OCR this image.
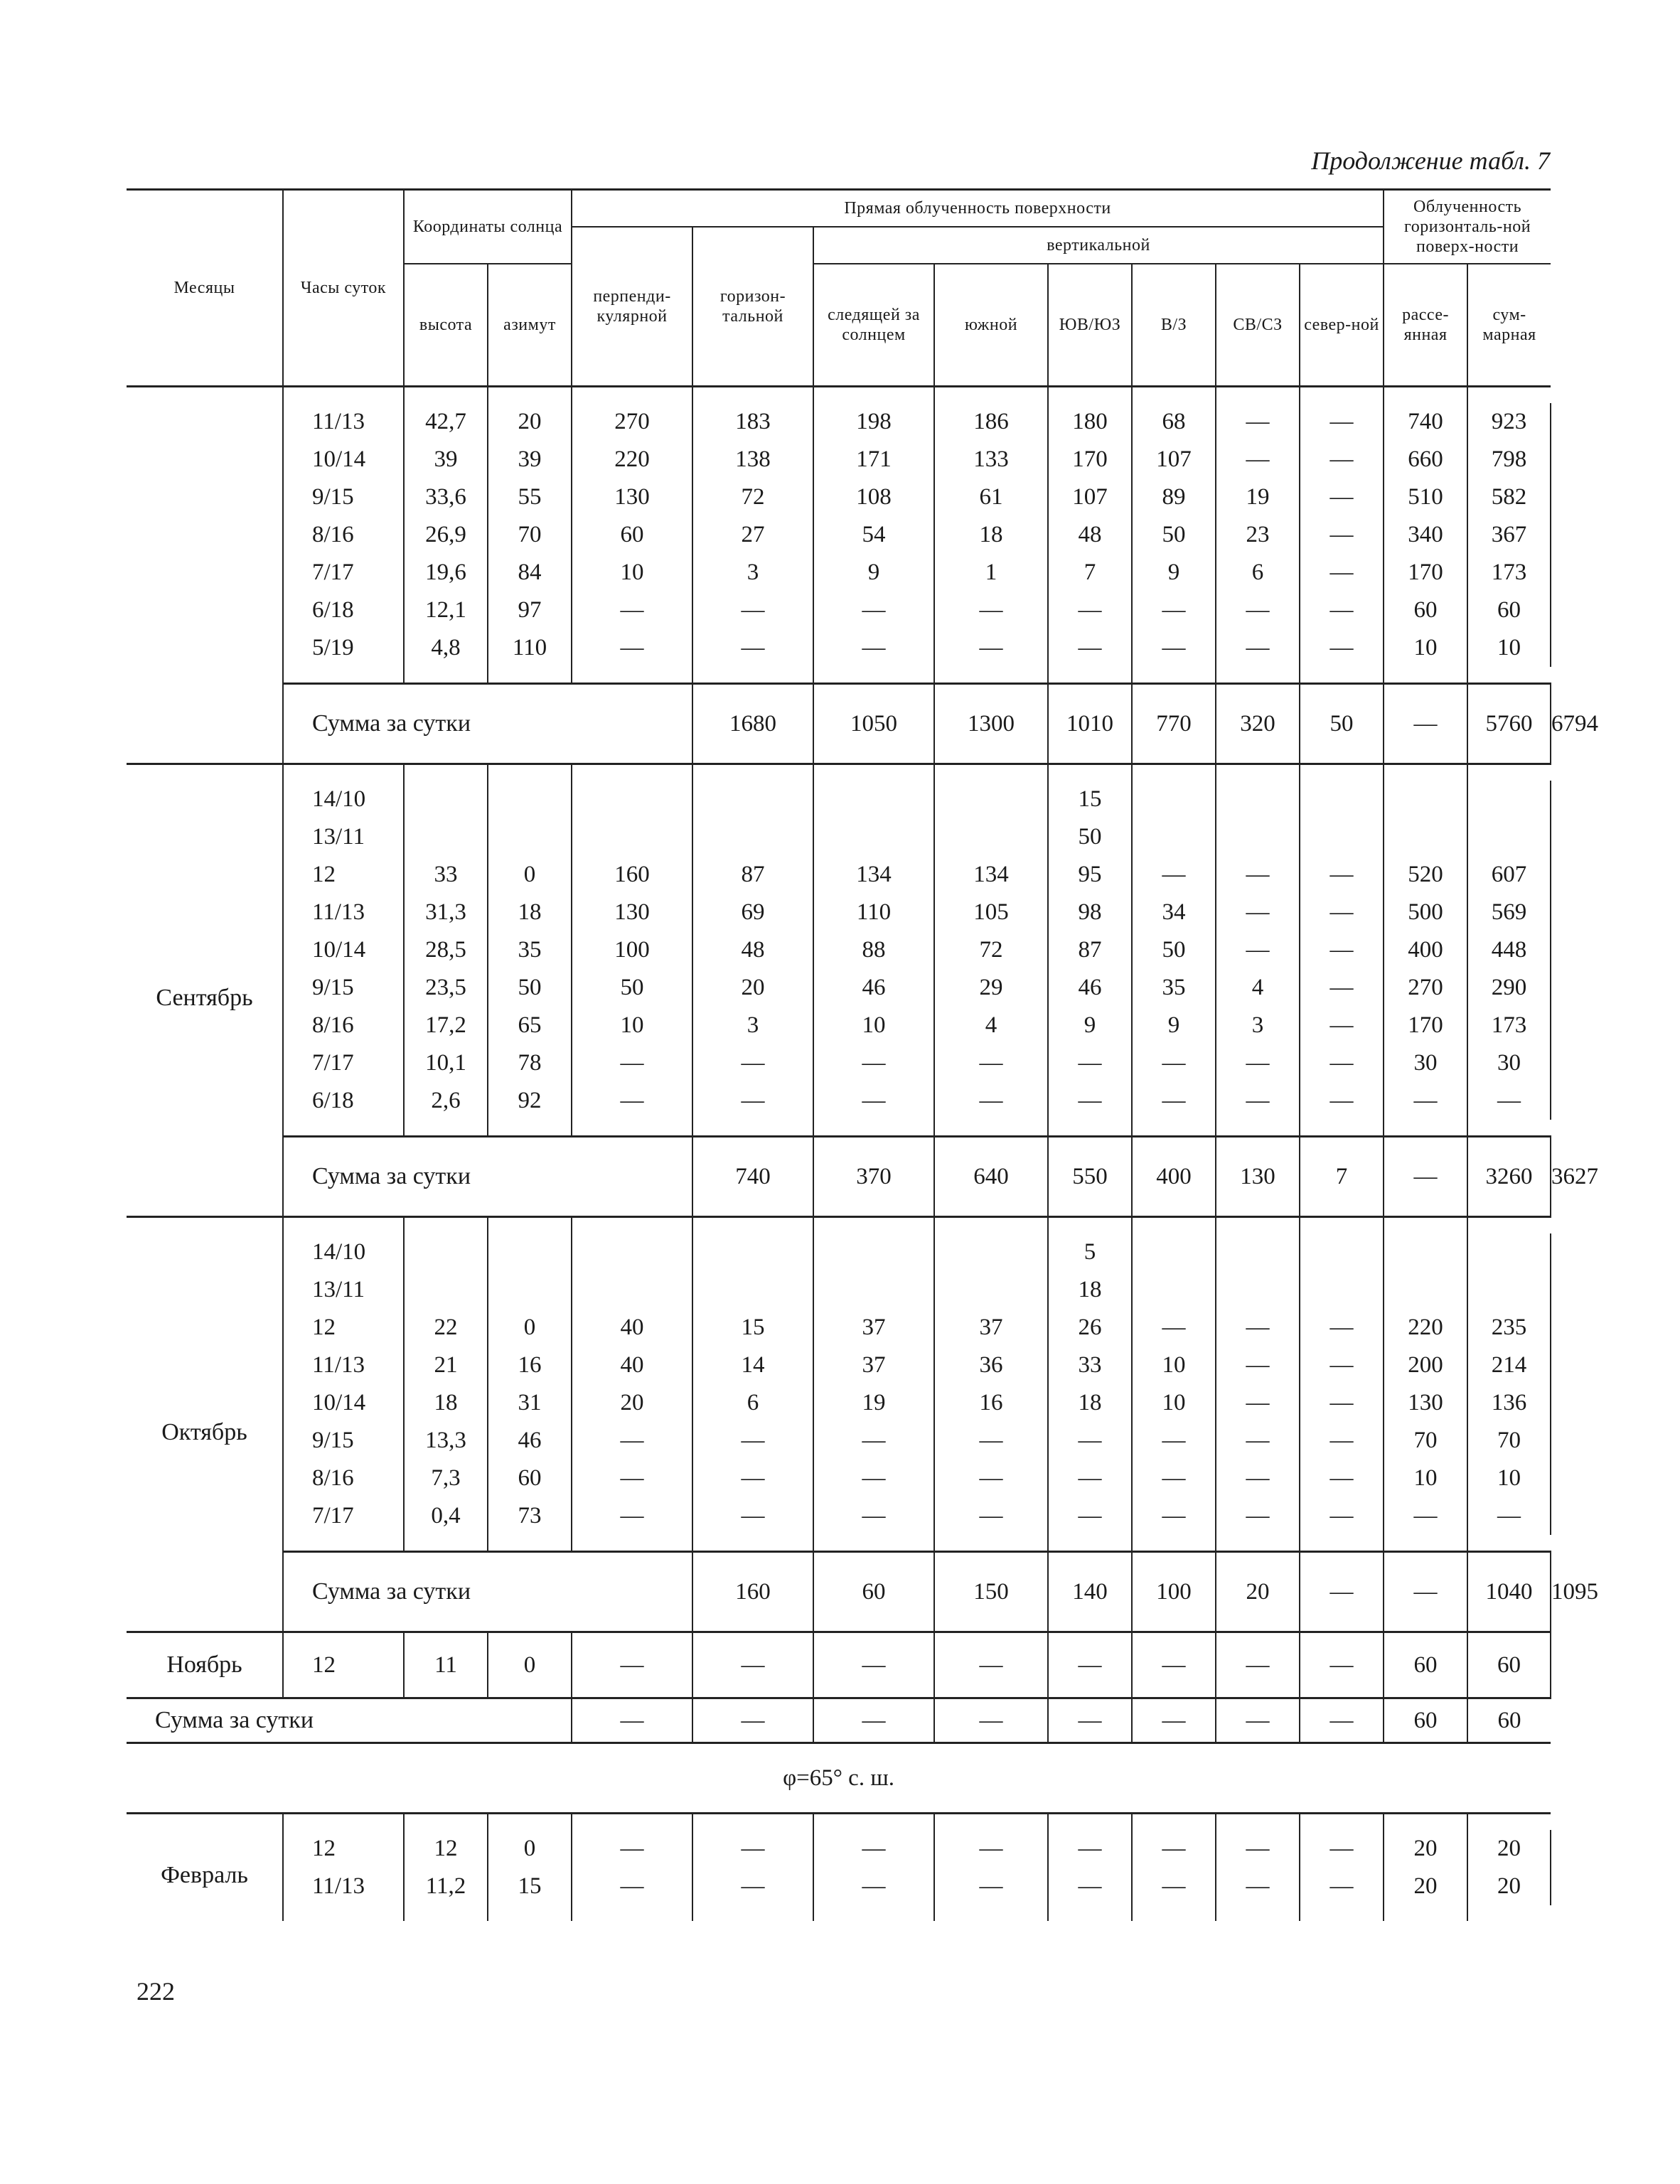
Продолжение табл. 7
Месяцы	Часы суток	Координаты солнца		Прямая облученность поверхности								Облученность горизонталь-ной поверх-ности		
				перпенди-кулярной	горизон-тальной	вертикальной								
		высота	азимут			следящей за солнцем	южной	ЮВ/ЮЗ	В/З	СВ/СЗ	север-ной			
												рассе-янная	сум-марная	

	11/13	42,7	20	270	183	198	186	180	68	—	—	740	923	
	10/14	39	39	220	138	171	133	170	107	—	—	660	798	
	9/15	33,6	55	130	72	108	61	107	89	19	—	510	582	
	8/16	26,9	70	60	27	54	18	48	50	23	—	340	367	
	7/17	19,6	84	10	3	9	1	7	9	6	—	170	173	
	6/18	12,1	97	—	—	—	—	—	—	—	—	60	60	
	5/19	4,8	110	—	—	—	—	—	—	—	—	10	10	

	Сумма за сутки				1680	1050	1300	1010	770	320	50	—	5760	6794

Сентябрь	14/10							15						
	13/11							50						
	12	33	0	160	87	134	134	95	—	—	—	520	607	
	11/13	31,3	18	130	69	110	105	98	34	—	—	500	569	
	10/14	28,5	35	100	48	88	72	87	50	—	—	400	448	
	9/15	23,5	50	50	20	46	29	46	35	4	—	270	290	
	8/16	17,2	65	10	3	10	4	9	9	3	—	170	173	
	7/17	10,1	78	—	—	—	—	—	—	—	—	30	30	
	6/18	2,6	92	—	—	—	—	—	—	—	—	—	—	

	Сумма за сутки				740	370	640	550	400	130	7	—	3260	3627

Октябрь	14/10							5						
	13/11							18						
	12	22	0	40	15	37	37	26	—	—	—	220	235	
	11/13	21	16	40	14	37	36	33	10	—	—	200	214	
	10/14	18	31	20	6	19	16	18	10	—	—	130	136	
	9/15	13,3	46	—	—	—	—	—	—	—	—	70	70	
	8/16	7,3	60	—	—	—	—	—	—	—	—	10	10	
	7/17	0,4	73	—	—	—	—	—	—	—	—	—	—	

	Сумма за сутки				160	60	150	140	100	20	—	—	1040	1095
Ноябрь	12	11	0	—	—	—	—	—	—	—	—	60	60	
Сумма за сутки				—	—	—	—	—	—	—	—	60	60	
φ=65° с. ш.														

Февраль	12	12	0	—	—	—	—	—	—	—	—	20	20	
	11/13	11,2	15	—	—	—	—	—	—	—	—	20	20	

222
